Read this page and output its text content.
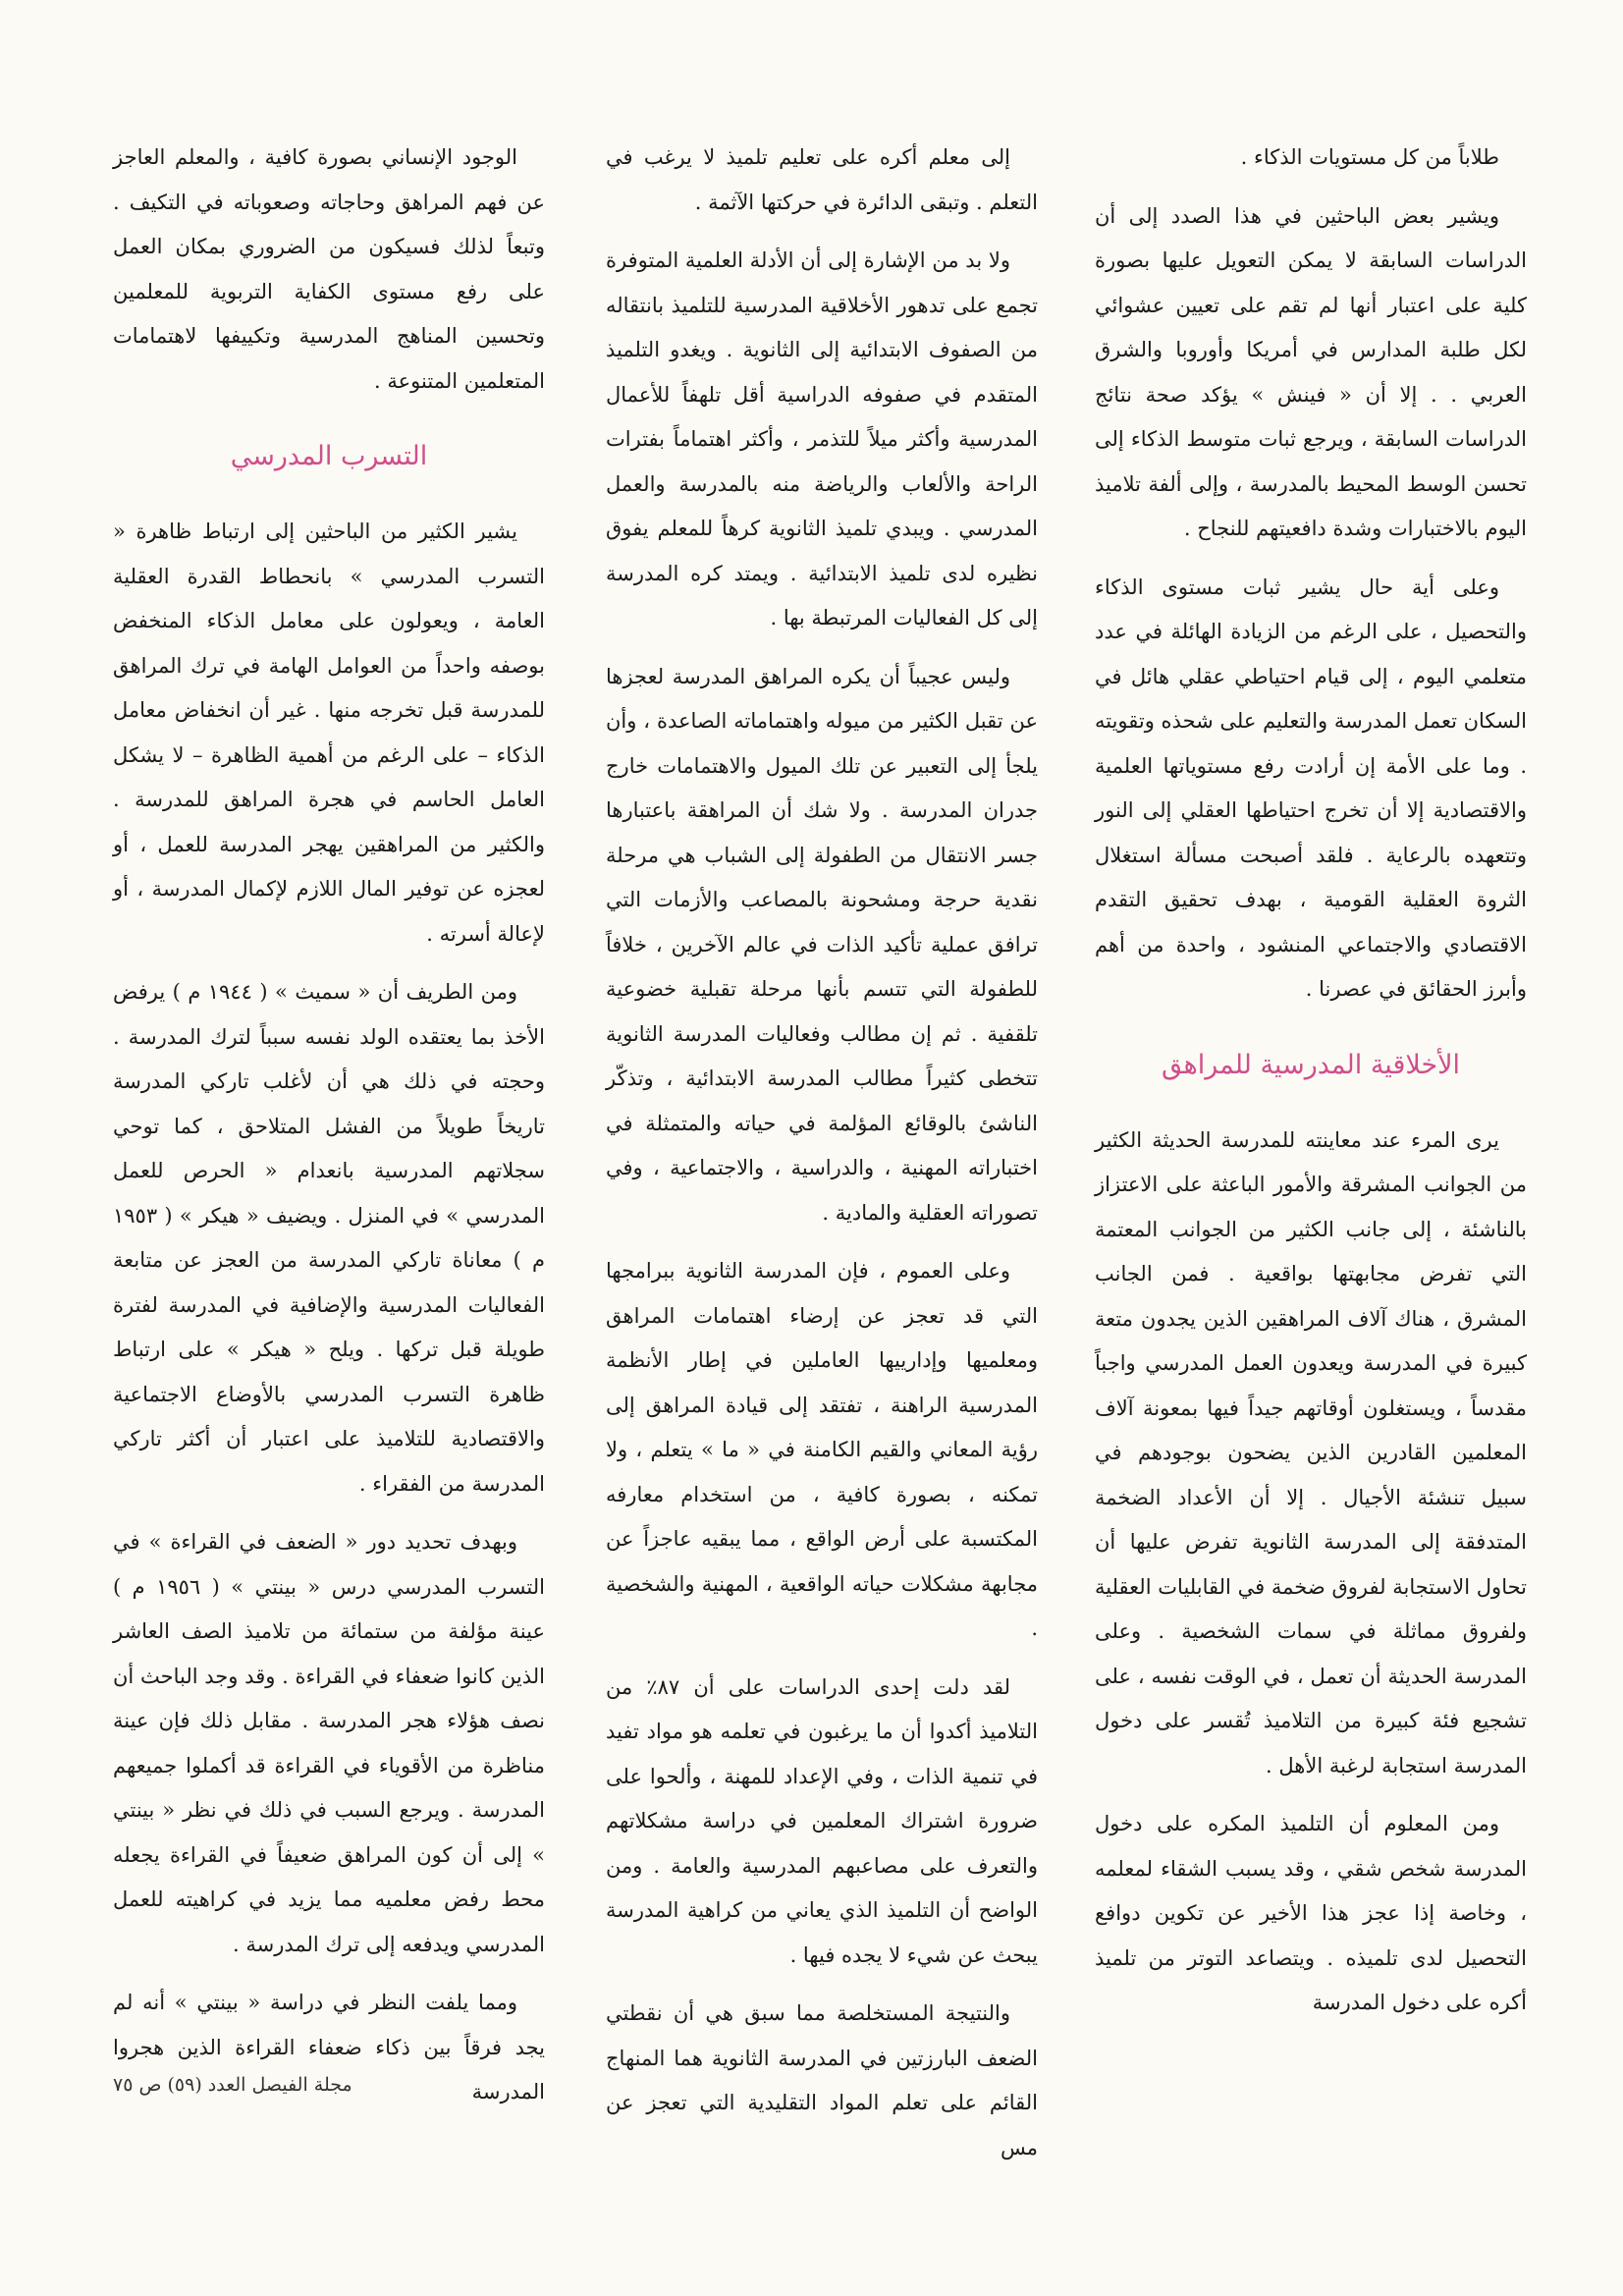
طلاباً من كل مستويات الذكاء .

ويشير بعض الباحثين في هذا الصدد إلى أن الدراسات السابقة لا يمكن التعويل عليها بصورة كلية على اعتبار أنها لم تقم على تعيين عشوائي لكل طلبة المدارس في أمريكا وأوروبا والشرق العربي . . إلا أن « فينش » يؤكد صحة نتائج الدراسات السابقة ، ويرجع ثبات متوسط الذكاء إلى تحسن الوسط المحيط بالمدرسة ، وإلى ألفة تلاميذ اليوم بالاختبارات وشدة دافعيتهم للنجاح .

وعلى أية حال يشير ثبات مستوى الذكاء والتحصيل ، على الرغم من الزيادة الهائلة في عدد متعلمي اليوم ، إلى قيام احتياطي عقلي هائل في السكان تعمل المدرسة والتعليم على شحذه وتقويته . وما على الأمة إن أرادت رفع مستوياتها العلمية والاقتصادية إلا أن تخرج احتياطها العقلي إلى النور وتتعهده بالرعاية . فلقد أصبحت مسألة استغلال الثروة العقلية القومية ، بهدف تحقيق التقدم الاقتصادي والاجتماعي المنشود ، واحدة من أهم وأبرز الحقائق في عصرنا .

الأخلاقية المدرسية للمراهق

يرى المرء عند معاينته للمدرسة الحديثة الكثير من الجوانب المشرقة والأمور الباعثة على الاعتزاز بالناشئة ، إلى جانب الكثير من الجوانب المعتمة التي تفرض مجابهتها بواقعية . فمن الجانب المشرق ، هناك آلاف المراهقين الذين يجدون متعة كبيرة في المدرسة ويعدون العمل المدرسي واجباً مقدساً ، ويستغلون أوقاتهم جيداً فيها بمعونة آلاف المعلمين القادرين الذين يضحون بوجودهم في سبيل تنشئة الأجيال . إلا أن الأعداد الضخمة المتدفقة إلى المدرسة الثانوية تفرض عليها أن تحاول الاستجابة لفروق ضخمة في القابليات العقلية ولفروق مماثلة في سمات الشخصية . وعلى المدرسة الحديثة أن تعمل ، في الوقت نفسه ، على تشجيع فئة كبيرة من التلاميذ تُقسر على دخول المدرسة استجابة لرغبة الأهل .

ومن المعلوم أن التلميذ المكره على دخول المدرسة شخص شقي ، وقد يسبب الشقاء لمعلمه ، وخاصة إذا عجز هذا الأخير عن تكوين دوافع التحصيل لدى تلميذه . ويتصاعد التوتر من تلميذ أكره على دخول المدرسة

إلى معلم أكره على تعليم تلميذ لا يرغب في التعلم . وتبقى الدائرة في حركتها الآثمة .

ولا بد من الإشارة إلى أن الأدلة العلمية المتوفرة تجمع على تدهور الأخلاقية المدرسية للتلميذ بانتقاله من الصفوف الابتدائية إلى الثانوية . ويغدو التلميذ المتقدم في صفوفه الدراسية أقل تلهفاً للأعمال المدرسية وأكثر ميلاً للتذمر ، وأكثر اهتماماً بفترات الراحة والألعاب والرياضة منه بالمدرسة والعمل المدرسي . ويبدي تلميذ الثانوية كرهاً للمعلم يفوق نظيره لدى تلميذ الابتدائية . ويمتد كره المدرسة إلى كل الفعاليات المرتبطة بها .

وليس عجيباً أن يكره المراهق المدرسة لعجزها عن تقبل الكثير من ميوله واهتماماته الصاعدة ، وأن يلجأ إلى التعبير عن تلك الميول والاهتمامات خارج جدران المدرسة . ولا شك أن المراهقة باعتبارها جسر الانتقال من الطفولة إلى الشباب هي مرحلة نقدية حرجة ومشحونة بالمصاعب والأزمات التي ترافق عملية تأكيد الذات في عالم الآخرين ، خلافاً للطفولة التي تتسم بأنها مرحلة تقبلية خضوعية تلقفية . ثم إن مطالب وفعاليات المدرسة الثانوية تتخطى كثيراً مطالب المدرسة الابتدائية ، وتذكّر الناشئ بالوقائع المؤلمة في حياته والمتمثلة في اختباراته المهنية ، والدراسية ، والاجتماعية ، وفي تصوراته العقلية والمادية .

وعلى العموم ، فإن المدرسة الثانوية ببرامجها التي قد تعجز عن إرضاء اهتمامات المراهق ومعلميها وإدارييها العاملين في إطار الأنظمة المدرسية الراهنة ، تفتقد إلى قيادة المراهق إلى رؤية المعاني والقيم الكامنة في « ما » يتعلم ، ولا تمكنه ، بصورة كافية ، من استخدام معارفه المكتسبة على أرض الواقع ، مما يبقيه عاجزاً عن مجابهة مشكلات حياته الواقعية ، المهنية والشخصية .

لقد دلت إحدى الدراسات على أن ٨٧٪ من التلاميذ أكدوا أن ما يرغبون في تعلمه هو مواد تفيد في تنمية الذات ، وفي الإعداد للمهنة ، وألحوا على ضرورة اشتراك المعلمين في دراسة مشكلاتهم والتعرف على مصاعبهم المدرسية والعامة . ومن الواضح أن التلميذ الذي يعاني من كراهية المدرسة يبحث عن شيء لا يجده فيها .

والنتيجة المستخلصة مما سبق هي أن نقطتي الضعف البارزتين في المدرسة الثانوية هما المنهاج القائم على تعلم المواد التقليدية التي تعجز عن مس

الوجود الإنساني بصورة كافية ، والمعلم العاجز عن فهم المراهق وحاجاته وصعوباته في التكيف . وتبعاً لذلك فسيكون من الضروري بمكان العمل على رفع مستوى الكفاية التربوية للمعلمين وتحسين المناهج المدرسية وتكييفها لاهتمامات المتعلمين المتنوعة .

التسرب المدرسي

يشير الكثير من الباحثين إلى ارتباط ظاهرة « التسرب المدرسي » بانحطاط القدرة العقلية العامة ، ويعولون على معامل الذكاء المنخفض بوصفه واحداً من العوامل الهامة في ترك المراهق للمدرسة قبل تخرجه منها . غير أن انخفاض معامل الذكاء – على الرغم من أهمية الظاهرة – لا يشكل العامل الحاسم في هجرة المراهق للمدرسة . والكثير من المراهقين يهجر المدرسة للعمل ، أو لعجزه عن توفير المال اللازم لإكمال المدرسة ، أو لإعالة أسرته .

ومن الطريف أن « سميث » ( ١٩٤٤ م ) يرفض الأخذ بما يعتقده الولد نفسه سبباً لترك المدرسة . وحجته في ذلك هي أن لأغلب تاركي المدرسة تاريخاً طويلاً من الفشل المتلاحق ، كما توحي سجلاتهم المدرسية بانعدام « الحرص للعمل المدرسي » في المنزل . ويضيف « هيكر » ( ١٩٥٣ م ) معاناة تاركي المدرسة من العجز عن متابعة الفعاليات المدرسية والإضافية في المدرسة لفترة طويلة قبل تركها . ويلح « هيكر » على ارتباط ظاهرة التسرب المدرسي بالأوضاع الاجتماعية والاقتصادية للتلاميذ على اعتبار أن أكثر تاركي المدرسة من الفقراء .

وبهدف تحديد دور « الضعف في القراءة » في التسرب المدرسي درس « بينتي » ( ١٩٥٦ م ) عينة مؤلفة من ستمائة من تلاميذ الصف العاشر الذين كانوا ضعفاء في القراءة . وقد وجد الباحث أن نصف هؤلاء هجر المدرسة . مقابل ذلك فإن عينة مناظرة من الأقوياء في القراءة قد أكملوا جميعهم المدرسة . ويرجع السبب في ذلك في نظر « بينتي » إلى أن كون المراهق ضعيفاً في القراءة يجعله محط رفض معلميه مما يزيد في كراهيته للعمل المدرسي ويدفعه إلى ترك المدرسة .

ومما يلفت النظر في دراسة « بينتي » أنه لم يجد فرقاً بين ذكاء ضعفاء القراءة الذين هجروا المدرسة

مجلة الفيصل العدد (٥٩) ص ٧٥
